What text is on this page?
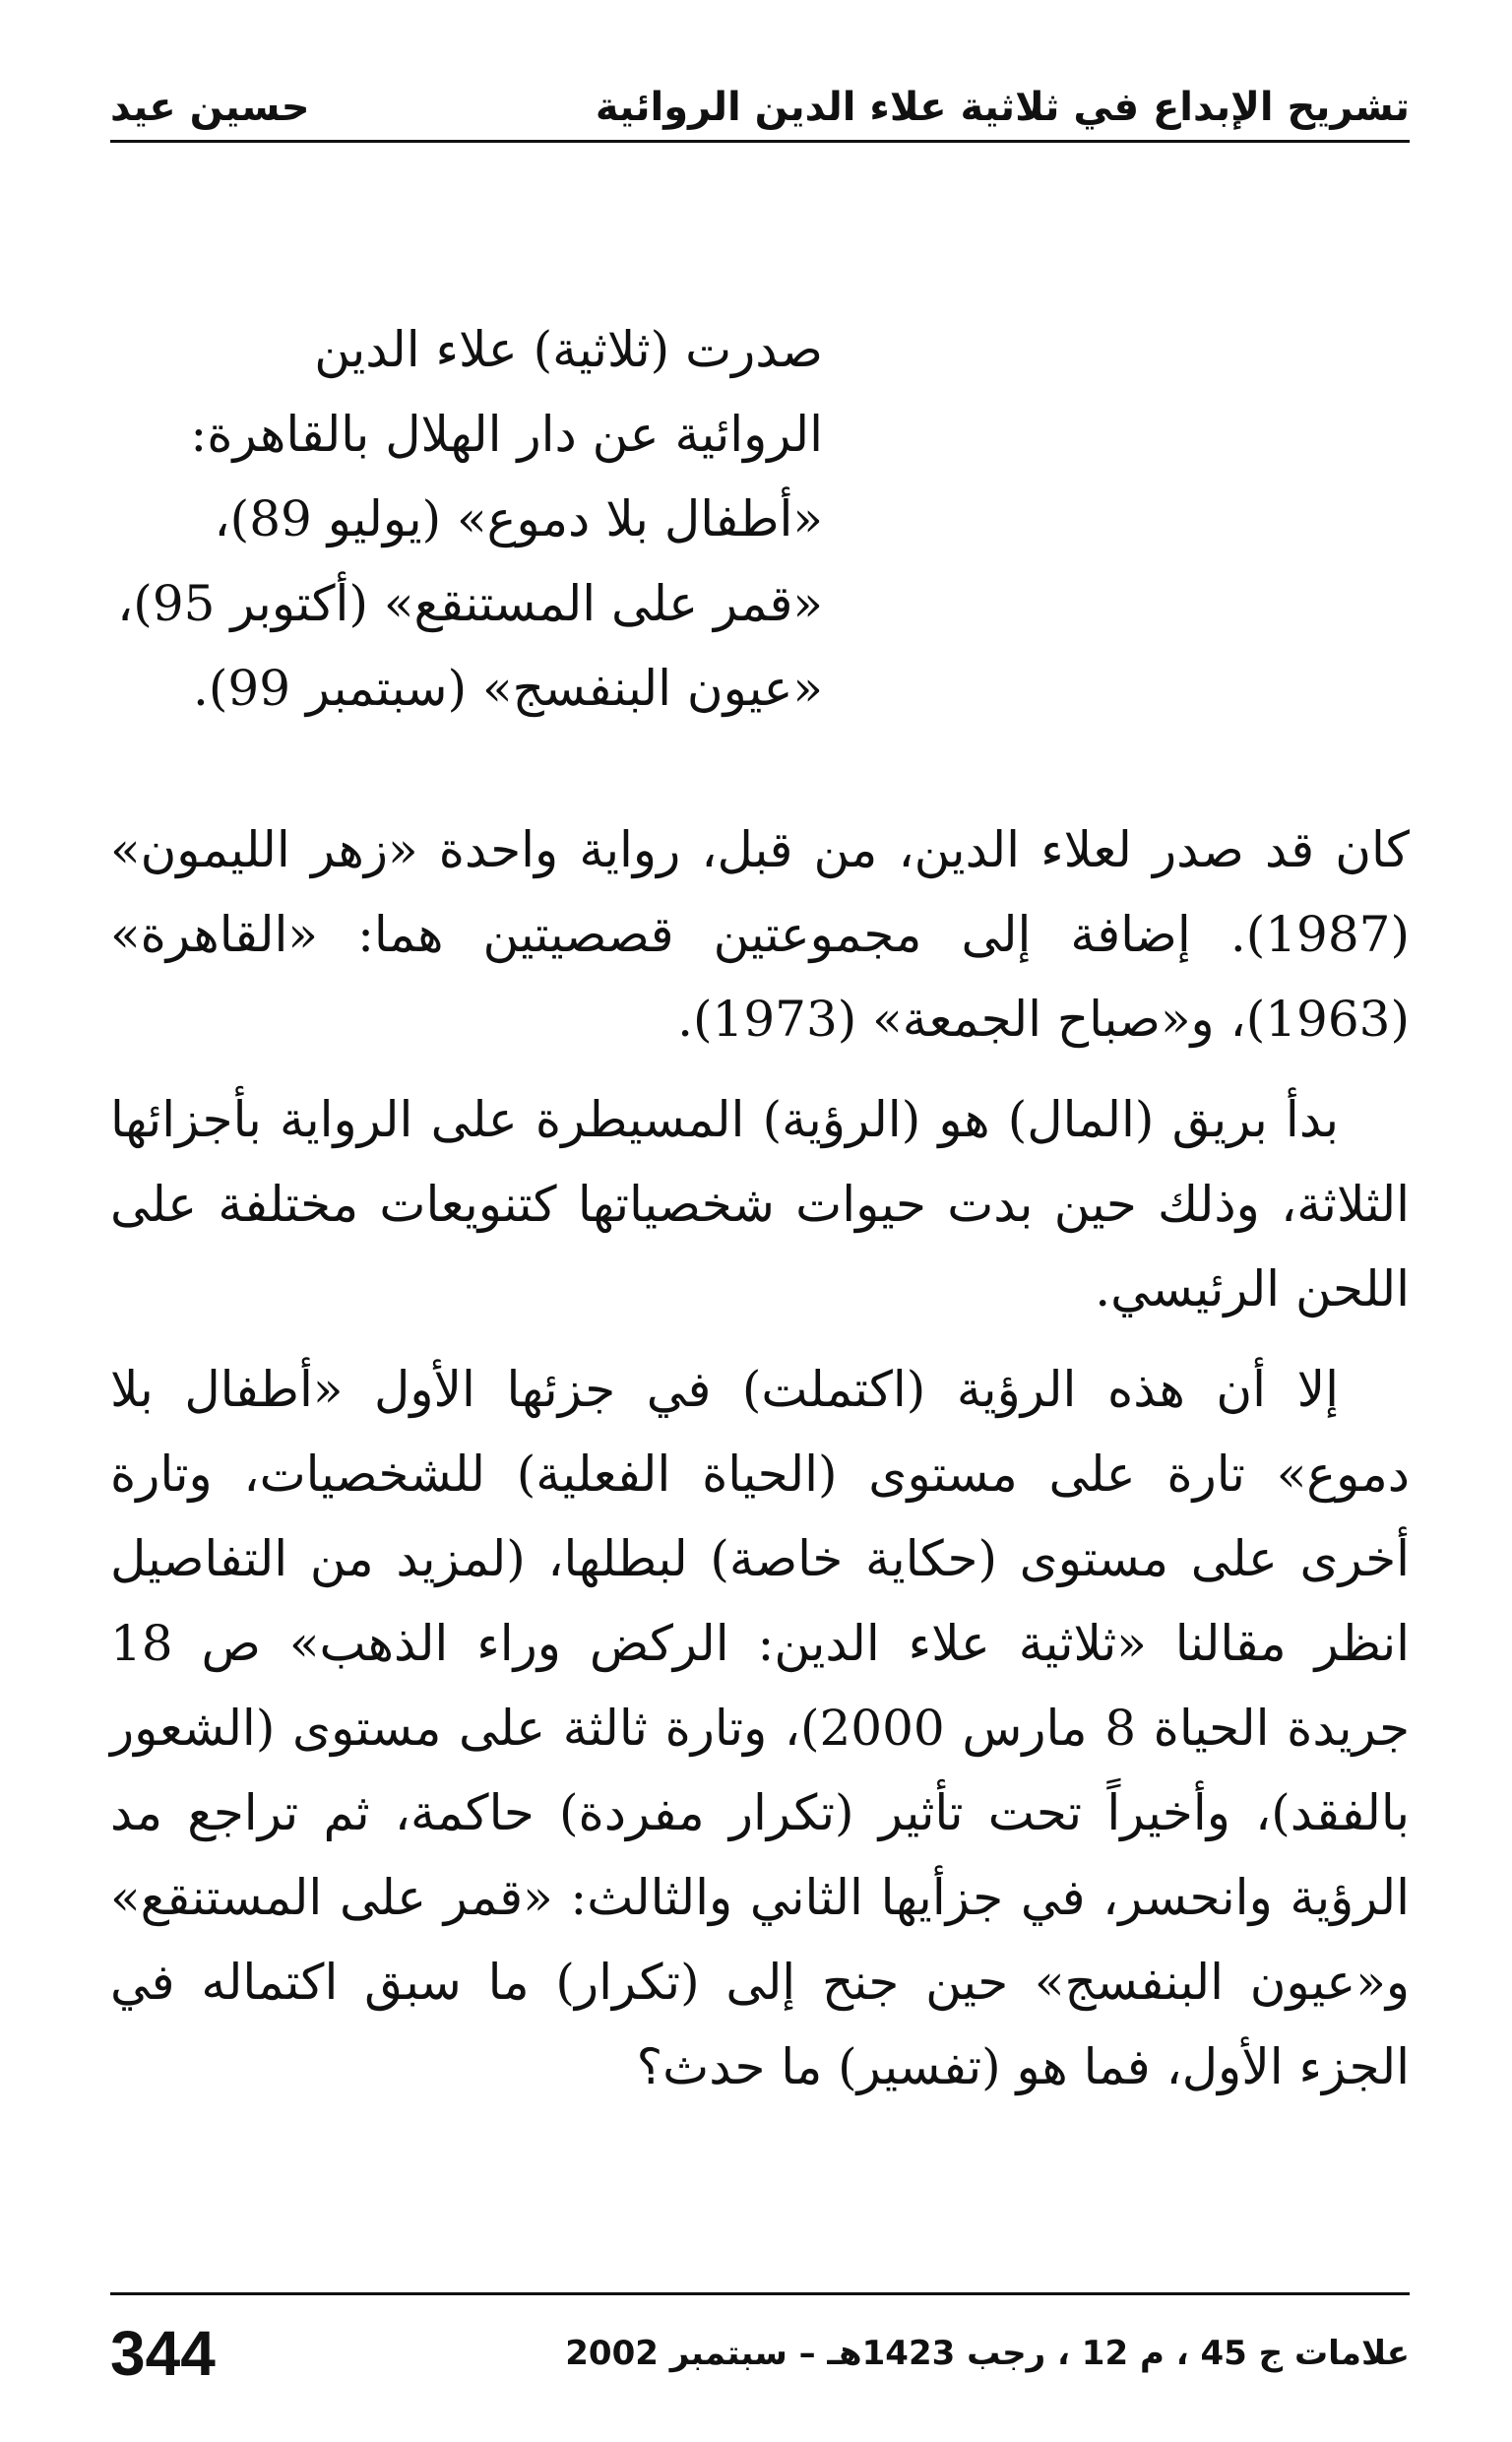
تشريح الإبداع في ثلاثية علاء الدين الروائية
حسين عيد
صدرت (ثلاثية) علاء الدين
الروائية عن دار الهلال بالقاهرة:
«أطفال بلا دموع» (يوليو 89)،
«قمر على المستنقع» (أكتوبر 95)،
«عيون البنفسج» (سبتمبر 99).

كان قد صدر لعلاء الدين، من قبل، رواية واحدة «زهر الليمون» (1987). إضافة إلى مجموعتين قصصيتين هما: «القاهرة» (1963)، و«صباح الجمعة» (1973).

بدأ بريق (المال) هو (الرؤية) المسيطرة على الرواية بأجزائها الثلاثة، وذلك حين بدت حيوات شخصياتها كتنويعات مختلفة على اللحن الرئيسي.

إلا أن هذه الرؤية (اكتملت) في جزئها الأول «أطفال بلا دموع» تارة على مستوى (الحياة الفعلية) للشخصيات، وتارة أخرى على مستوى (حكاية خاصة) لبطلها، (لمزيد من التفاصيل انظر مقالنا «ثلاثية علاء الدين: الركض وراء الذهب» ص 18 جريدة الحياة 8 مارس 2000)، وتارة ثالثة على مستوى (الشعور بالفقد)، وأخيراً تحت تأثير (تكرار مفردة) حاكمة، ثم تراجع مد الرؤية وانحسر، في جزأيها الثاني والثالث: «قمر على المستنقع» و«عيون البنفسج» حين جنح إلى (تكرار) ما سبق اكتماله في الجزء الأول، فما هو (تفسير) ما حدث؟

علامات ج 45 ، م 12 ، رجب 1423هـ – سبتمبر 2002
344
